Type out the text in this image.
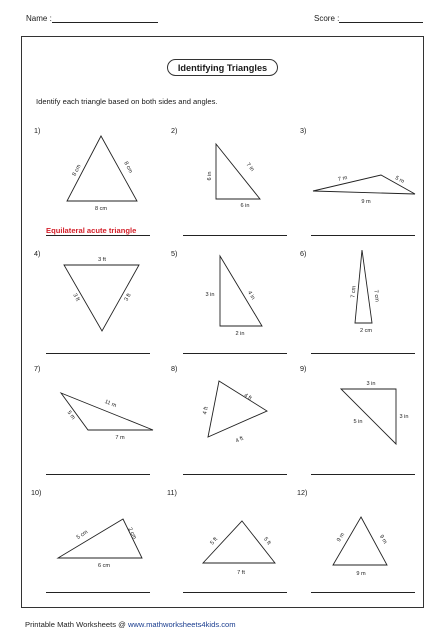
Name :	Score :
Identifying Triangles
Identify each triangle based on both sides and angles.
1)	2)	3)
4)	5)	6)
7)	8)	9)
10)	11)	12)
Equilateral acute triangle
8 cm	8 cm
8 cm
6 in
7 in
6 in
7 m	5 m
9 m
3 ft
3 ft	3 ft	3 in	4 in
2 in
7 cm	7 cm
2 cm
5 m
11 m
7 m
4 ft
4 ft
4 ft
3 in
3 in
5 in
5 cm	2 cm
6 cm
5 ft	5 ft
7 ft
9 m	9 m
9 m
Printable Math Worksheets @ www.mathworksheets4kids.com
